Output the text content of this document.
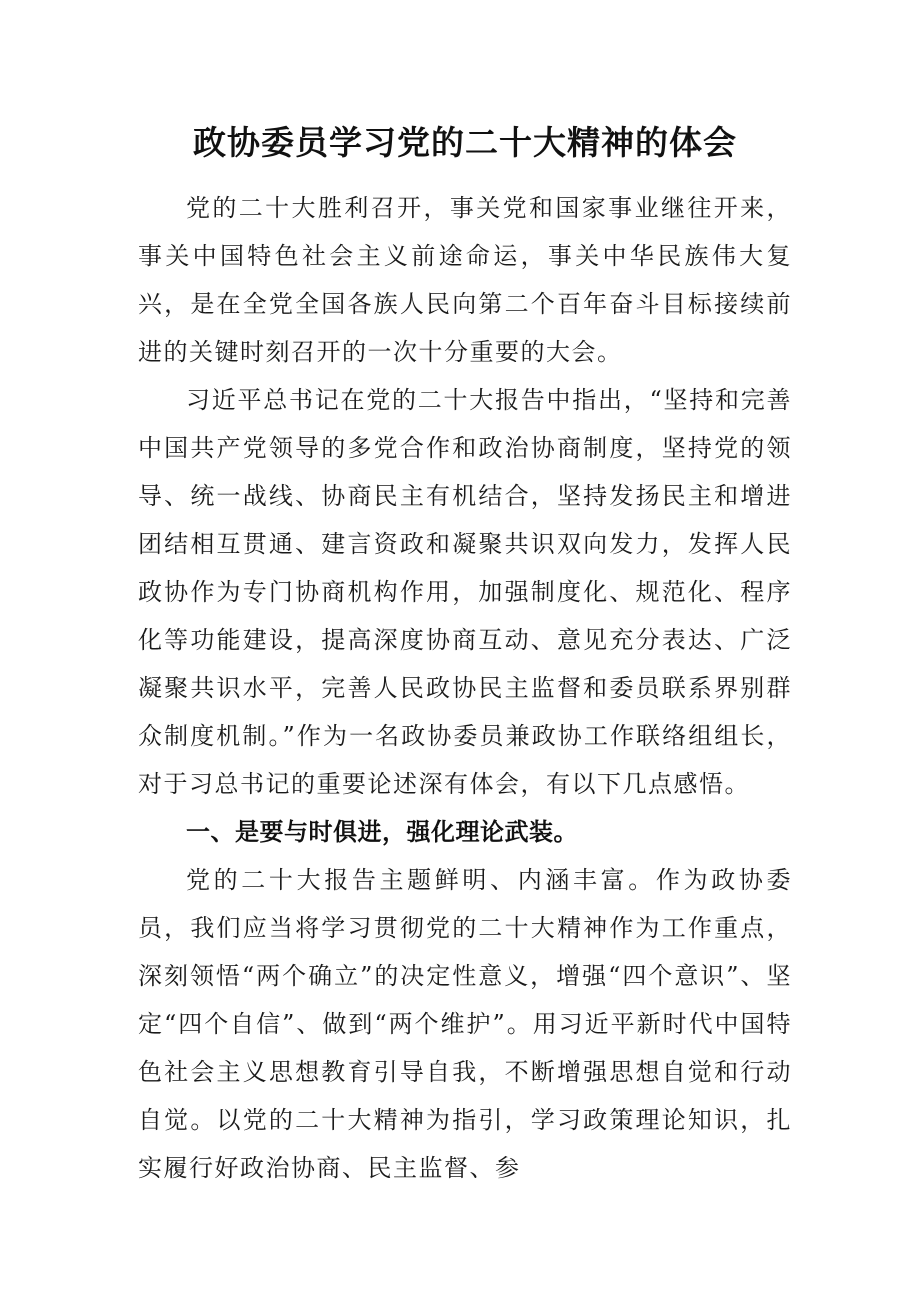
政协委员学习党的二十大精神的体会

党的二十大胜利召开，事关党和国家事业继往开来，事关中国特色社会主义前途命运，事关中华民族伟大复兴，是在全党全国各族人民向第二个百年奋斗目标接续前进的关键时刻召开的一次十分重要的大会。

习近平总书记在党的二十大报告中指出，“坚持和完善中国共产党领导的多党合作和政治协商制度，坚持党的领导、统一战线、协商民主有机结合，坚持发扬民主和增进团结相互贯通、建言资政和凝聚共识双向发力，发挥人民政协作为专门协商机构作用，加强制度化、规范化、程序化等功能建设，提高深度协商互动、意见充分表达、广泛凝聚共识水平，完善人民政协民主监督和委员联系界别群众制度机制。”作为一名政协委员兼政协工作联络组组长，对于习总书记的重要论述深有体会，有以下几点感悟。

一、是要与时俱进，强化理论武装。

党的二十大报告主题鲜明、内涵丰富。作为政协委员，我们应当将学习贯彻党的二十大精神作为工作重点，深刻领悟“两个确立”的决定性意义，增强“四个意识”、坚定“四个自信”、做到“两个维护”。用习近平新时代中国特色社会主义思想教育引导自我，不断增强思想自觉和行动自觉。以党的二十大精神为指引，学习政策理论知识，扎实履行好政治协商、民主监督、参
